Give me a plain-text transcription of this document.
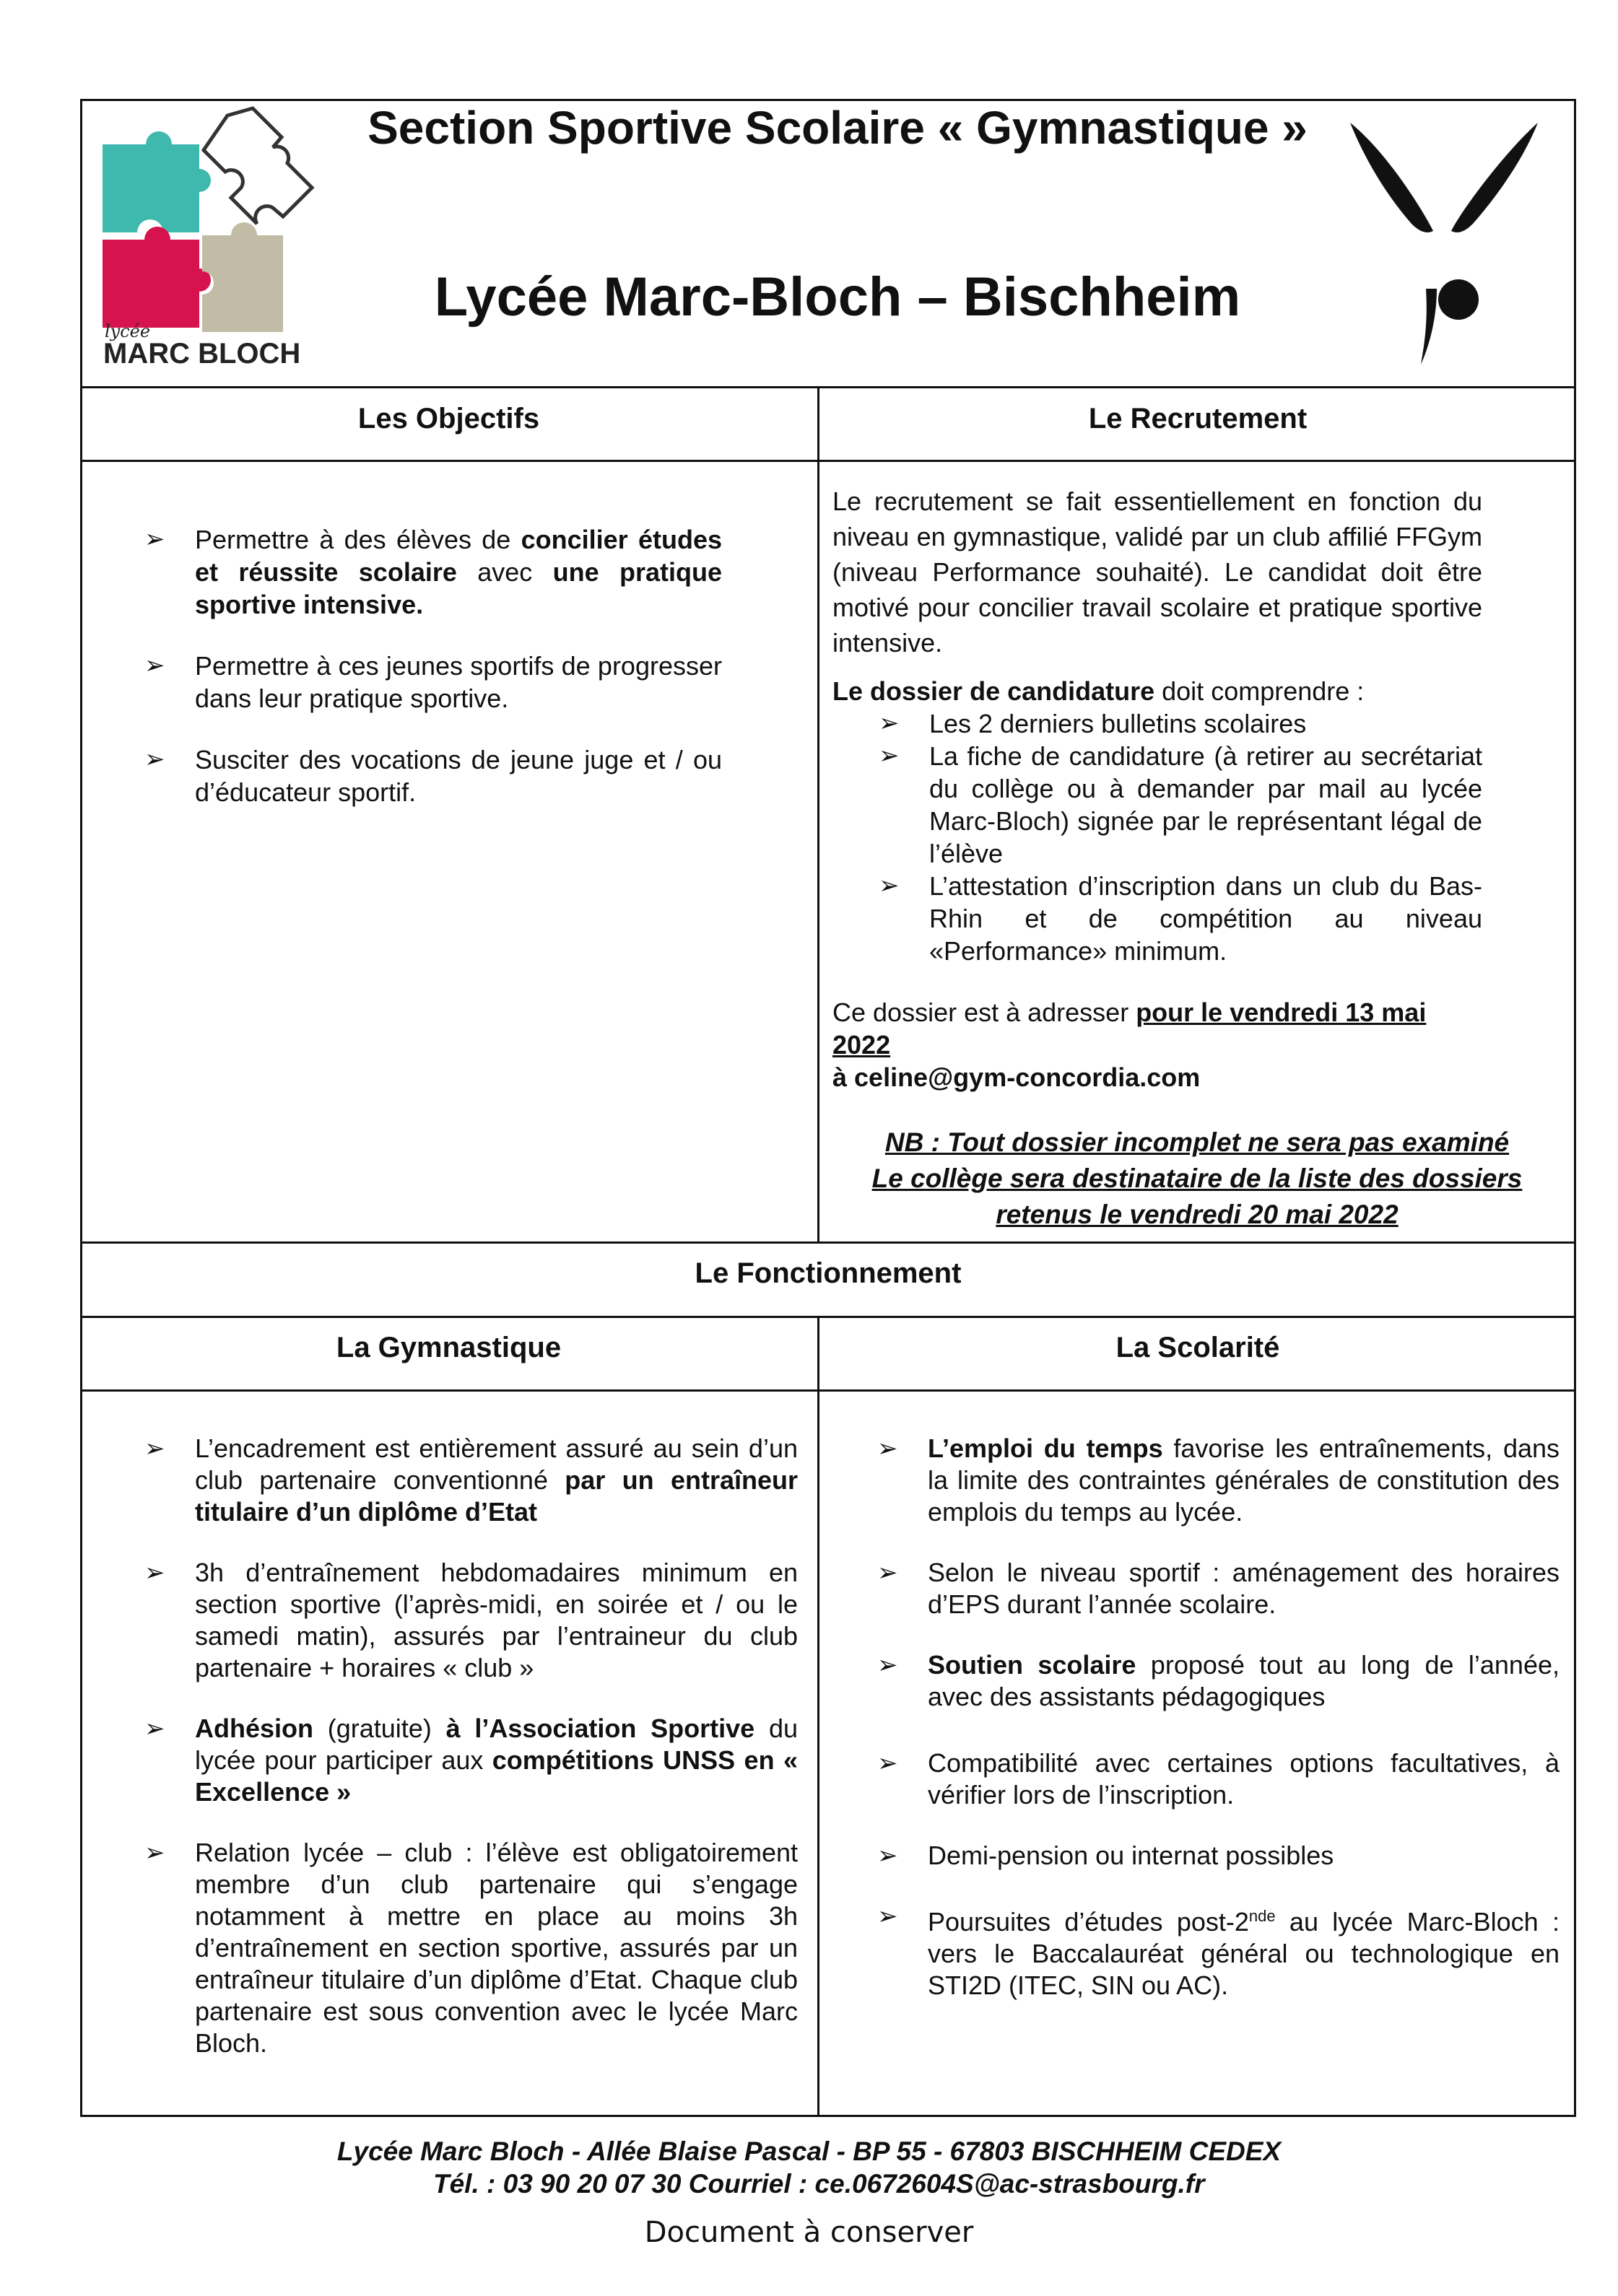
lycée
MARC BLOCH
Section Sportive Scolaire « Gymnastique »
Lycée Marc-Bloch – Bischheim
Les Objectifs	Le Recrutement
Le Fonctionnement
La Gymnastique	La Scolarité
➢ Permettre à des élèves de concilier études et réussite scolaire avec une pratique sportive intensive.
➢ Permettre à ces jeunes sportifs de progresser dans leur pratique sportive.
➢ Susciter des vocations de jeune juge et / ou d’éducateur sportif.

Le recrutement se fait essentiellement en fonction du niveau en gymnastique, validé par un club affilié FFGym (niveau Performance souhaité). Le candidat doit être motivé pour concilier travail scolaire et pratique sportive intensive.

Le dossier de candidature doit comprendre :

➢ Les 2 derniers bulletins scolaires
➢ La fiche de candidature (à retirer au secrétariat du collège ou à demander par mail au lycée Marc-Bloch) signée par le représentant légal de l’élève
➢ L’attestation d’inscription dans un club du Bas-Rhin et de compétition au niveau «Performance» minimum.

Ce dossier est à adresser pour le vendredi 13 mai 2022

à celine@gym-concordia.com

NB : Tout dossier incomplet ne sera pas examiné
Le collège sera destinataire de la liste des dossiers
retenus le vendredi 20 mai 2022
➢ L’encadrement est entièrement assuré au sein d’un club partenaire conventionné par un entraîneur titulaire d’un diplôme d’Etat
➢ 3h d’entraînement hebdomadaires minimum en section sportive (l’après-midi, en soirée et / ou le samedi matin), assurés par l’entraineur du club partenaire + horaires « club »
➢ Adhésion (gratuite) à l’Association Sportive du lycée pour participer aux compétitions UNSS en « Excellence »
➢ Relation lycée – club : l’élève est obligatoirement membre d’un club partenaire qui s’engage notamment à mettre en place au moins 3h d’entraînement en section sportive, assurés par un entraîneur titulaire d’un diplôme d’Etat. Chaque club partenaire est sous convention avec le lycée Marc Bloch.
➢ L’emploi du temps favorise les entraînements, dans la limite des contraintes générales de constitution des emplois du temps au lycée.
➢ Selon le niveau sportif : aménagement des horaires d’EPS durant l’année scolaire.
➢ Soutien scolaire proposé tout au long de l’année, avec des assistants pédagogiques
➢ Compatibilité avec certaines options facultatives, à vérifier lors de l’inscription.
➢ Demi-pension ou internat possibles
➢ Poursuites d’études post-2nde au lycée Marc-Bloch : vers le Baccalauréat général ou technologique en STI2D (ITEC, SIN ou AC).
Lycée Marc Bloch - Allée Blaise Pascal - BP 55 - 67803 BISCHHEIM CEDEX
Tél. : 03 90 20 07 30 Courriel : ce.0672604S@ac-strasbourg.fr
Document à conserver
